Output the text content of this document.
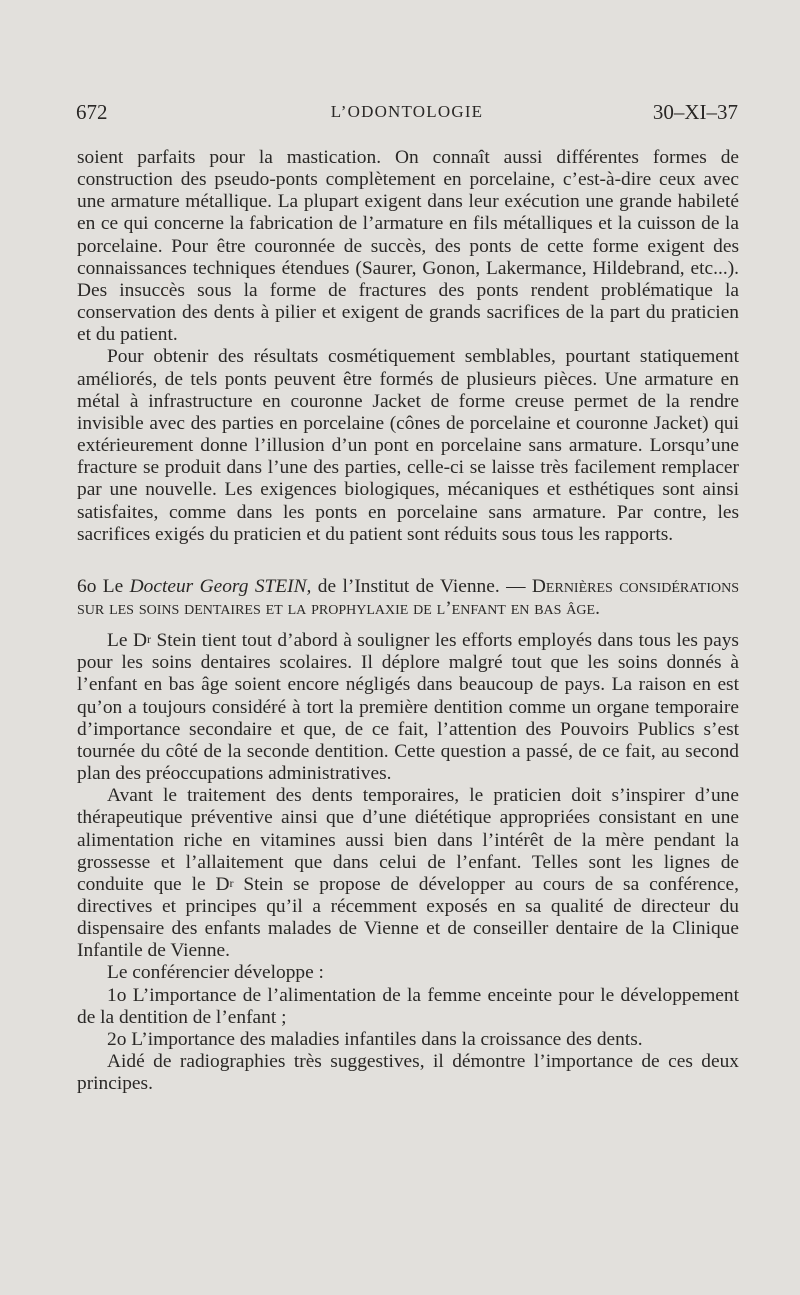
672	L’ODONTOLOGIE	30–XI–37

soient parfaits pour la mastication. On connaît aussi différentes formes de construction des pseudo-ponts complètement en porcelaine, c’est-à-dire ceux avec une armature métallique. La plupart exigent dans leur exécution une grande habileté en ce qui concerne la fabrication de l’armature en fils métalliques et la cuisson de la porcelaine. Pour être couronnée de succès, des ponts de cette forme exigent des connaissances techniques étendues (Saurer, Gonon, Lakermance, Hildebrand, etc...). Des insuccès sous la forme de fractures des ponts rendent problématique la conservation des dents à pilier et exigent de grands sacrifices de la part du praticien et du patient.

Pour obtenir des résultats cosmétiquement semblables, pourtant statiquement améliorés, de tels ponts peuvent être formés de plusieurs pièces. Une armature en métal à infrastructure en couronne Jacket de forme creuse permet de la rendre invisible avec des parties en porcelaine (cônes de porcelaine et couronne Jacket) qui extérieurement donne l’illusion d’un pont en porcelaine sans armature. Lorsqu’une fracture se produit dans l’une des parties, celle-ci se laisse très facilement remplacer par une nouvelle. Les exigences biologiques, mécaniques et esthétiques sont ainsi satisfaites, comme dans les ponts en porcelaine sans armature. Par contre, les sacrifices exigés du praticien et du patient sont réduits sous tous les rapports.

6o Le Docteur Georg STEIN, de l’Institut de Vienne. — Dernières considérations sur les soins dentaires et la prophylaxie de l’enfant en bas âge.

Le $D^r$ Stein tient tout d’abord à souligner les efforts employés dans tous les pays pour les soins dentaires scolaires. Il déplore malgré tout que les soins donnés à l’enfant en bas âge soient encore négligés dans beaucoup de pays. La raison en est qu’on a toujours considéré à tort la première dentition comme un organe temporaire d’importance secondaire et que, de ce fait, l’attention des Pouvoirs Publics s’est tournée du côté de la seconde dentition. Cette question a passé, de ce fait, au second plan des préoccupations administratives.

Avant le traitement des dents temporaires, le praticien doit s’inspirer d’une thérapeutique préventive ainsi que d’une diététique appropriées consistant en une alimentation riche en vitamines aussi bien dans l’intérêt de la mère pendant la grossesse et l’allaitement que dans celui de l’enfant. Telles sont les lignes de conduite que le $D^r$ Stein se propose de développer au cours de sa conférence, directives et principes qu’il a récemment exposés en sa qualité de directeur du dispensaire des enfants malades de Vienne et de conseiller dentaire de la Clinique Infantile de Vienne.

Le conférencier développe :

1o L’importance de l’alimentation de la femme enceinte pour le développement de la dentition de l’enfant ;

2o L’importance des maladies infantiles dans la croissance des dents.

Aidé de radiographies très suggestives, il démontre l’importance de ces deux principes.
